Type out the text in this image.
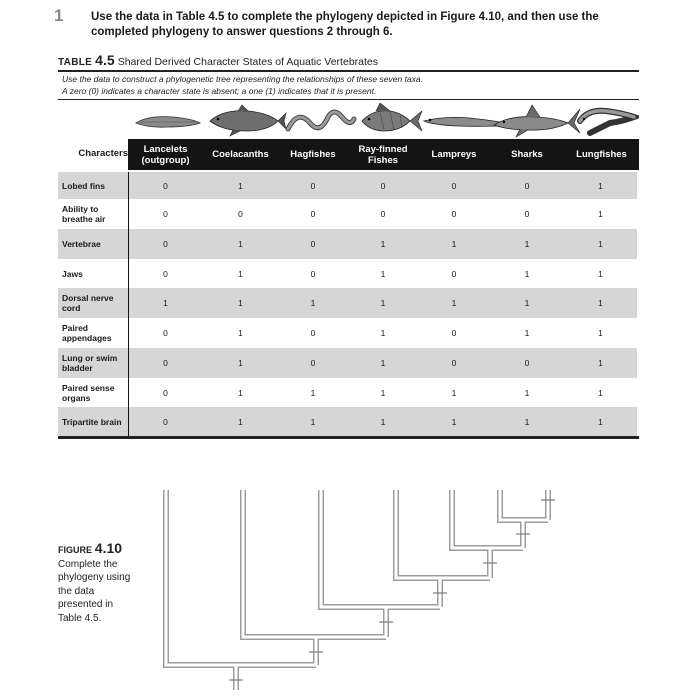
1 Use the data in Table 4.5 to complete the phylogeny depicted in Figure 4.10, and then use the completed phylogeny to answer questions 2 through 6.
TABLE 4.5 Shared Derived Character States of Aquatic Vertebrates
Use the data to construct a phylogenetic tree representing the relationships of these seven taxa.
A zero (0) indicates a character state is absent; a one (1) indicates that it is present.
Characters	Lancelets (outgroup)	Coelacanths	Hagfishes	Ray-finned Fishes	Lampreys	Sharks	Lungfishes
Lobed fins	0	1	0	0	0	0	1
Ability to breathe air	0	0	0	0	0	0	1
Vertebrae	0	1	0	1	1	1	1
Jaws	0	1	0	1	0	1	1
Dorsal nerve cord	1	1	1	1	1	1	1
Paired appendages	0	1	0	1	0	1	1
Lung or swim bladder	0	1	0	1	0	0	1
Paired sense organs	0	1	1	1	1	1	1
Tripartite brain	0	1	1	1	1	1	1
FIGURE 4.10
Complete the phylogeny using the data presented in Table 4.5.
